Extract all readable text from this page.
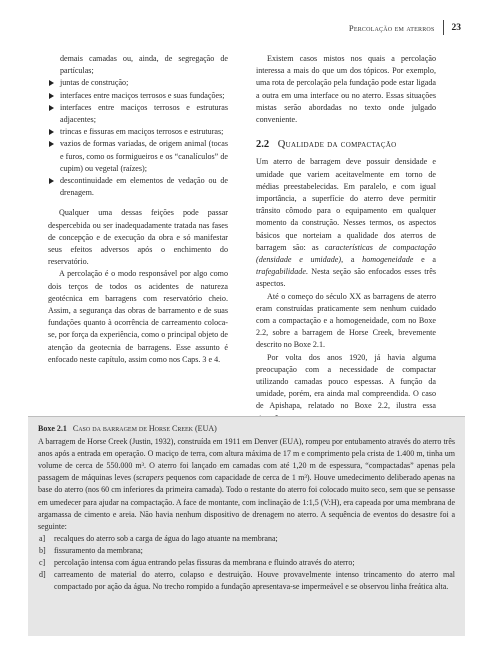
Percolação em aterros 23

demais camadas ou, ainda, de segregação de partículas;

juntas de construção;
interfaces entre maciços terrosos e suas fundações;
interfaces entre maciços terrosos e estruturas adjacentes;
trincas e fissuras em maciços terrosos e estruturas;
vazios de formas variadas, de origem animal (tocas e furos, como os formigueiros e os “canalículos” de cupim) ou vegetal (raízes);
descontinuidade em elementos de vedação ou de drenagem.

Qualquer uma dessas feições pode passar despercebida ou ser inadequadamente tratada nas fases de concepção e de execução da obra e só manifestar seus efeitos adversos após o enchimento do reservatório.

A percolação é o modo responsável por algo como dois terços de todos os acidentes de natureza geotécnica em barragens com reservatório cheio. Assim, a segurança das obras de barramento e de suas fundações quanto à ocorrência de carreamento coloca-se, por força da experiência, como o principal objeto de atenção da geotecnia de barragens. Esse assunto é enfocado neste capítulo, assim como nos Caps. 3 e 4.

Existem casos mistos nos quais a percolação interessa a mais do que um dos tópicos. Por exemplo, uma rota de percolação pela fundação pode estar ligada a outra em uma interface ou no aterro. Essas situações mistas serão abordadas no texto onde julgado conveniente.

2.2 Qualidade da compactação

Um aterro de barragem deve possuir densidade e umidade que variem aceitavelmente em torno de médias preestabelecidas. Em paralelo, e com igual importância, a superfície do aterro deve permitir trânsito cômodo para o equipamento em qualquer momento da construção. Nesses termos, os aspectos básicos que norteiam a qualidade dos aterros de barragem são: as características de compactação (densidade e umidade), a homogeneidade e a trafegabilidade. Nesta seção são enfocados esses três aspectos.

Até o começo do século XX as barragens de aterro eram construídas praticamente sem nenhum cuidado com a compactação e a homogeneidade, com no Boxe 2.2, sobre a barragem de Horse Creek, brevemente descrito no Boxe 2.1.

Por volta dos anos 1920, já havia alguma preocupação com a necessidade de compactar utilizando camadas pouco espessas. A função da umidade, porém, era ainda mal compreendida. O caso de Apishapa, relatado no Boxe 2.2, ilustra essa

Boxe 2.1 Caso da barragem de Horse Creek (EUA)

A barragem de Horse Creek (Justin, 1932), construída em 1911 em Denver (EUA), rompeu por entubamento através do aterro três anos após a entrada em operação. O maciço de terra, com altura máxima de 17 m e comprimento pela crista de 1.400 m, tinha um volume de cerca de 550.000 m³. O aterro foi lançado em camadas com até 1,20 m de espessura, “compactadas” apenas pela passagem de máquinas leves (scrapers pequenos com capacidade de cerca de 1 m³). Houve umedecimento deliberado apenas na base do aterro (nos 60 cm inferiores da primeira camada). Todo o restante do aterro foi colocado muito seco, sem que se pensasse em umedecer para ajudar na compactação. A face de montante, com inclinação de 1:1,5 (V:H), era capeada por uma membrana de argamassa de cimento e areia. Não havia nenhum dispositivo de drenagem no aterro. A sequência de eventos do desastre foi a seguinte:

a] recalques do aterro sob a carga de água do lago atuante na membrana;
b] fissuramento da membrana;
c] percolação intensa com água entrando pelas fissuras da membrana e fluindo através do aterro;
d] carreamento de material do aterro, colapso e destruição. Houve provavelmente intenso trincamento do aterro mal compactado por ação da água. No trecho rompido a fundação apresentava-se impermeável e se observou linha freática alta.
